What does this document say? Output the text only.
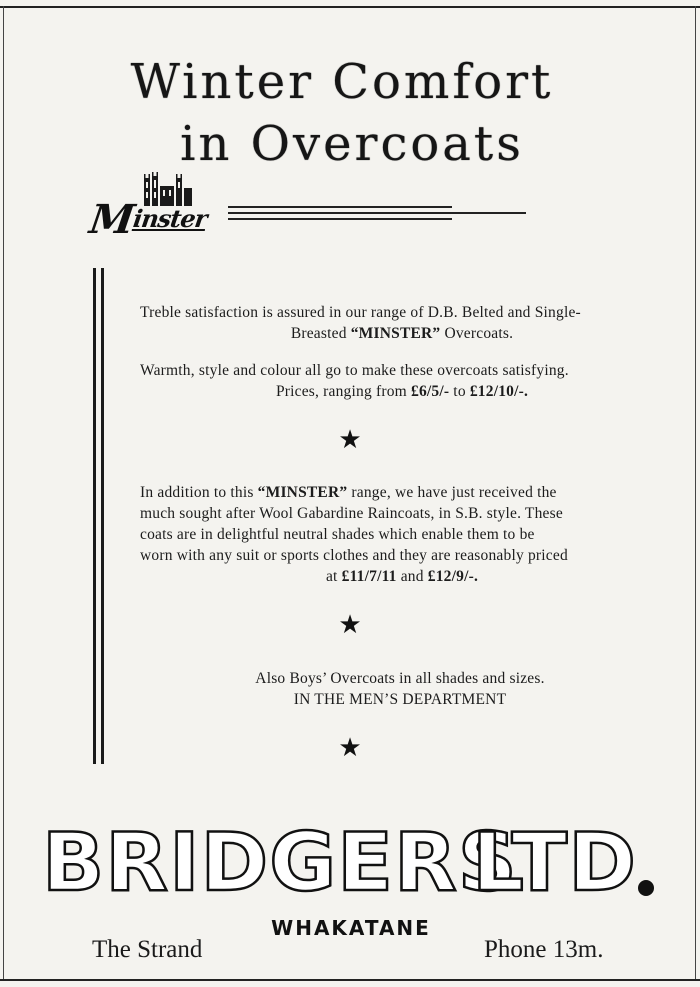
Winter Comfort
in Overcoats
Minster

Treble satisfaction is assured in our range of D.B. Belted and Single-

Breasted “MINSTER” Overcoats.

Warmth, style and colour all go to make these overcoats satisfying.

Prices, ranging from £6/5/- to £12/10/-.

★

In addition to this “MINSTER” range, we have just received the

much sought after Wool Gabardine Raincoats, in S.B. style. These

coats are in delightful neutral shades which enable them to be

worn with any suit or sports clothes and they are reasonably priced

at £11/7/11 and £12/9/-.

★

Also Boys’ Overcoats in all shades and sizes.

IN THE MEN’S DEPARTMENT

★
BRIDGERS
LTD
WHAKATANE
The Strand	Phone 13m.
